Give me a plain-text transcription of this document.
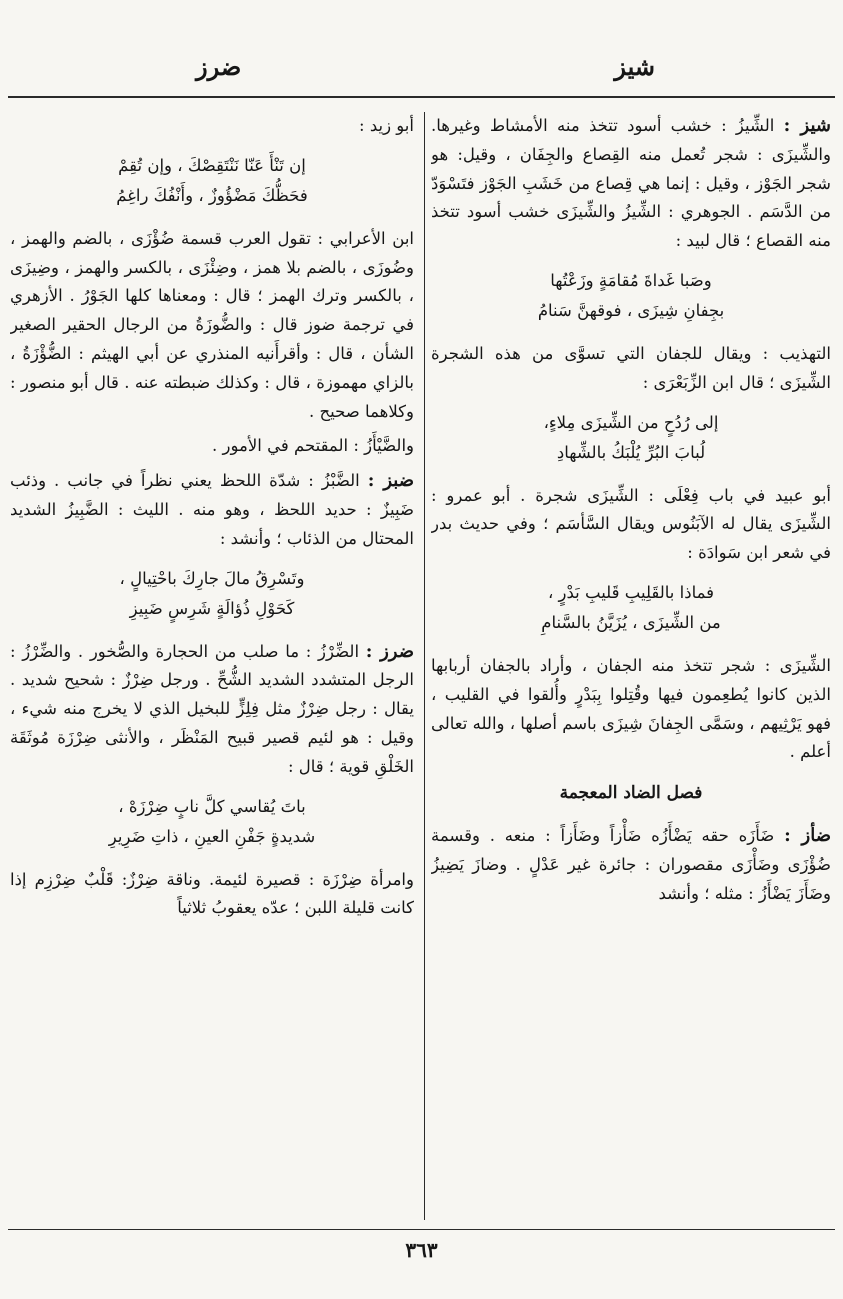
شيز
ضرز

شيز : الشِّيزُ : خشب أسود تتخذ منه الأمشاط وغيرها. والشِّيزَى : شجر تُعمل منه القِصاع والجِفَان ، وقيل: هو شجر الجَوْز ، وقيل : إنما هي قِصاع من خَشَبِ الجَوْز فتَسْوَدّ من الدَّسَم . الجوهري : الشِّيزُ والشِّيزَى خشب أسود تتخذ منه القصاع ؛ قال لبيد :

وصَبا غَداةَ مُقامَةٍ وزَعْتُها
بجِفانِ شِيزَى ، فوقهنَّ سَنامُ

التهذيب : ويقال للجفان التي تسوَّى من هذه الشجرة الشِّيزَى ؛ قال ابن الزِّبَعْرَى :

إلى رُدُحٍ من الشِّيزَى مِلاءٍ،
لُبابَ البُرِّ يُلْبَكُ بالشِّهادِ

أبو عبيد في باب فِعْلَى : الشِّيزَى شجرة . أبو عمرو : الشِّيزَى يقال له الآبَنُوس ويقال السَّأسَم ؛ وفي حديث بدر في شعر ابن سَوادَة :

فماذا بالقَلِيبِ قَليبِ بَدْرٍ ،
من الشِّيزَى ، يُزَيَّنُ بالسَّنامِ

الشِّيزَى : شجر تتخذ منه الجفان ، وأراد بالجفان أربابها الذين كانوا يُطعِمون فيها وقُتِلوا بِبَدْرٍ وأُلقوا في القليب ، فهو يَرْثِيهم ، وسَمَّى الجِفانَ شِيزَى باسم أصلها ، والله تعالى أعلم .

فصل الضاد المعجمة

ضأز : ضَأَزَه حقه يَضْأَزُه ضَأْزاً وضَأَزاً : منعه . وقسمة ضُؤْزَى وضَأْزَى مقصوران : جائرة غير عَدْلٍ . وضازَ يَضِيزُ وضَأَزَ يَضْأَزُ : مثله ؛ وأنشد

أبو زيد :

إن تَنْأَ عَنّا نَنْتَقِصْكَ ، وإن تُقِمْ
فحَظُّكَ مَضْؤُوزٌ ، وأَنْفُكَ راغِمُ

ابن الأعرابي : تقول العرب قسمة ضُؤْزَى ، بالضم والهمز ، وضُوزَى ، بالضم بلا همز ، وضِئْزَى ، بالكسر والهمز ، وضِيزَى ، بالكسر وترك الهمز ؛ قال : ومعناها كلها الجَوْرُ . الأزهري في ترجمة ضوز قال : والضُّوزَةُ من الرجال الحقير الصغير الشأن ، قال : وأقرأَنيه المنذري عن أبي الهيثم : الضُّؤْزَةُ ، بالزاي مهموزة ، قال : وكذلك ضبطته عنه . قال أبو منصور : وكلاهما صحيح .

والضَّيْأَزُ : المقتحم في الأمور .

ضبز : الضَّبْزُ : شدّة اللحظ يعني نظراً في جانب . وذئب ضَبِيزٌ : حديد اللحظ ، وهو منه . الليث : الضَّبِيزُ الشديد المحتال من الذئاب ؛ وأنشد :

وتَسْرِقُ مالَ جارِكَ باحْتِيالٍ ،
كَحَوْلِ ذُؤالَةٍ شَرِسٍ ضَبِيزِ

ضرز : الضِّرْزُ : ما صلب من الحجارة والصُّخور . والضِّرْزُ : الرجل المتشدد الشديد الشُّحِّ . ورجل ضِرْزٌ : شحيح شديد . يقال : رجل ضِرْزٌ مثل فِلِزٍّ للبخيل الذي لا يخرج منه شيء ، وقيل : هو لئيم قصير قبيح المَنْظَر ، والأنثى ضِرْزَة مُوثَقَة الخَلْقِ قوية ؛ قال :

باتَ يُقاسي كلَّ نابٍ ضِرْزَهْ ،
شديدةٍ جَفْنِ العينِ ، ذاتِ ضَرِيرِ

وامرأة ضِرْزَة : قصيرة لئيمة. وناقة ضِرْزٌ: قَلْبٌ ضِرْزِم إذا كانت قليلة اللبن ؛ عدّه يعقوبُ ثلاثياً

٣٦٣
